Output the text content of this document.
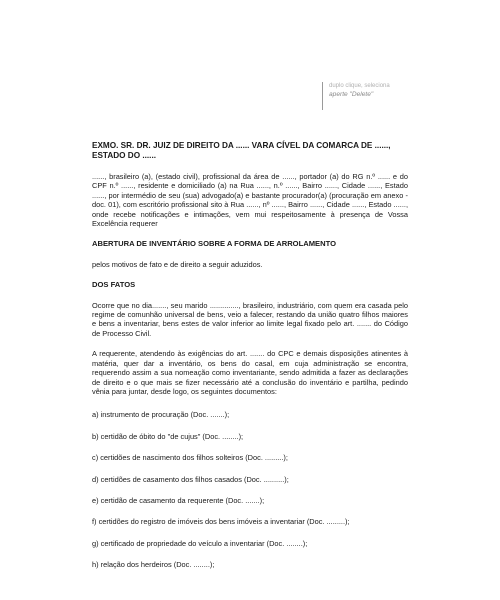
duplo clique, seleciona
aperte "Delete"

EXMO. SR. DR. JUIZ DE DIREITO DA ...... VARA CÍVEL DA COMARCA DE ......, ESTADO DO ......

......, brasileiro (a), (estado civil), profissional da área de ......, portador (a) do RG n.º ...... e do CPF n.º ......, residente e domiciliado (a) na Rua ......, n.º ......, Bairro ......, Cidade ......, Estado ......, por intermédio de seu (sua) advogado(a) e bastante procurador(a) (procuração em anexo - doc. 01), com escritório profissional sito à Rua ......, nº ......, Bairro ......, Cidade ......, Estado ......, onde recebe notificações e intimações, vem mui respeitosamente à presença de Vossa Excelência requerer

ABERTURA DE INVENTÁRIO SOBRE A FORMA DE ARROLAMENTO

pelos motivos de fato e de direito a seguir aduzidos.

DOS FATOS

Ocorre que no dia......., seu marido .............., brasileiro, industriário, com quem era casada pelo regime de comunhão universal de bens, veio a falecer, restando da união quatro filhos maiores e bens a inventariar, bens estes de valor inferior ao limite legal fixado pelo art. ....... do Código de Processo Civil.

A requerente, atendendo às exigências do art. ....... do CPC e demais disposições atinentes à matéria, quer dar a inventário, os bens do casal, em cuja administração se encontra, requerendo assim a sua nomeação como inventariante, sendo admitida a fazer as declarações de direito e o que mais se fizer necessário até a conclusão do inventário e partilha, pedindo vênia para juntar, desde logo, os seguintes documentos:

a) instrumento de procuração (Doc. .......);

b) certidão de óbito do "de cujus" (Doc. ........);

c) certidões de nascimento dos filhos solteiros (Doc. .........);

d) certidões de casamento dos filhos casados (Doc. ..........);

e) certidão de casamento da requerente (Doc. .......);

f) certidões do registro de imóveis dos bens imóveis a inventariar (Doc. .........);

g) certificado de propriedade do veículo a inventariar (Doc. ........);

h) relação dos herdeiros (Doc. ........);
